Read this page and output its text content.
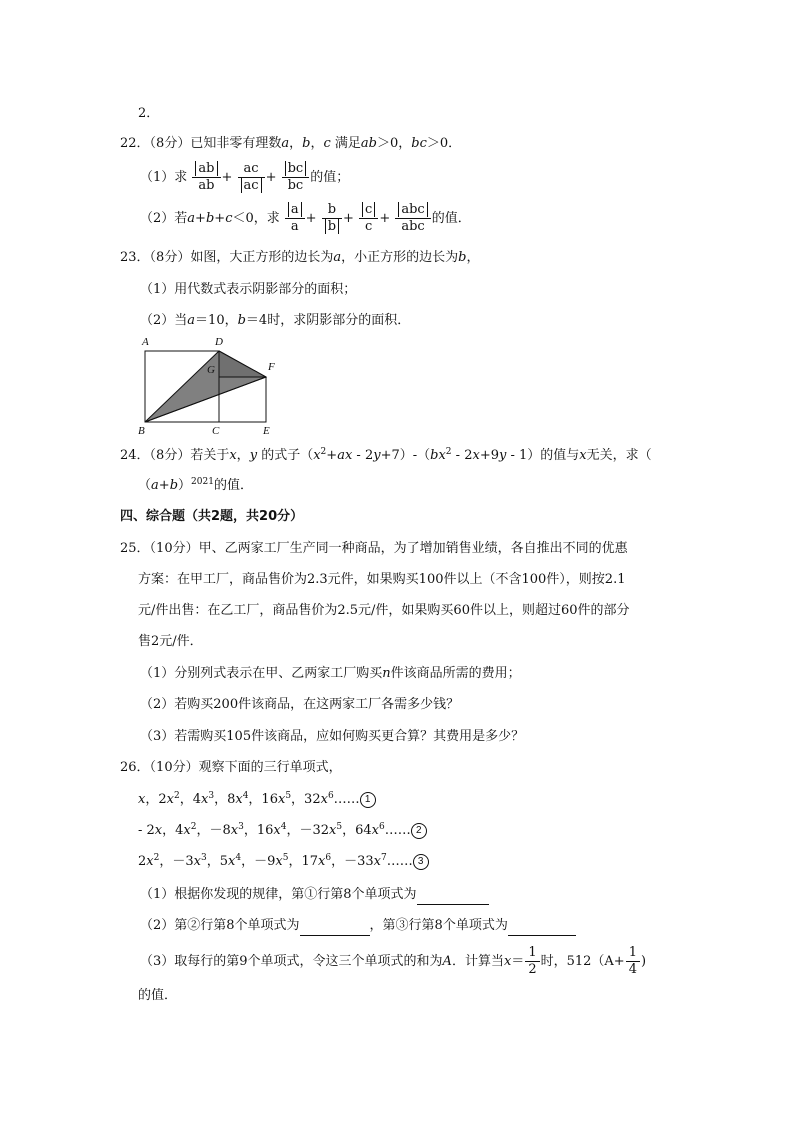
2．
22．（8分）已知非零有理数a，b，c 满足ab＞0，bc＞0．
（1）求 $\frac{ab}{ab} + \frac{ac}{ac} + \frac{bc}{bc}$ 的值；
（2）若a+b+c＜0，求 $\frac{a}{a} + \frac{b}{b} + \frac{c}{c} + \frac{\text{abc}}{\text{abc}}$ 的值．
23．（8分）如图，大正方形的边长为a，小正方形的边长为b，
（1）用代数式表示阴影部分的面积；
（2）当a＝10，b＝4时，求阴影部分的面积．
A	D
F
G
B	C	E
24．（8分）若关于x，y 的式子$(x^2+ax - 2y+7)-(bx^2 - 2x+9y - 1)$的值与x无关，求（
$(a+b)^{2021}$的值．
四、综合题（共2题，共20分）
25．（10分）甲、乙两家工厂生产同一种商品，为了增加销售业绩，各自推出不同的优惠
方案：在甲工厂，商品售价为2.3元件，如果购买100件以上（不含100件），则按2.1
元/件出售：在乙工厂，商品售价为2.5元/件，如果购买60件以上，则超过60件的部分
售2元/件．
（1）分别列式表示在甲、乙两家工厂购买n件该商品所需的费用；
（2）若购买200件该商品，在这两家工厂各需多少钱？
（3）若需购买105件该商品，应如何购买更合算？其费用是多少？
26．（10分）观察下面的三行单项式，
x，$2x^2$，$4x^3$，$8x^4$，$16x^5$，$32x^6\dots\dots$ 1
- 2x，$4x^2$，$-8x^3$，$16x^4$，$-32x^5$，$64x^6\dots\dots$ 2
$2x^2$，$-3x^3$，$5x^4$，$-9x^5$，$17x^6$，$-33x^7\dots\dots$ 3
（1）根据你发现的规律，第①行第8个单项式为
（2）第②行第8个单项式为	，第③行第8个单项式为
（3）取每行的第9个单项式，令这三个单项式的和为A．计算当$x= \frac{1}{2}$ 时，$512(A+ \frac{1}{4}$ )
的值．
